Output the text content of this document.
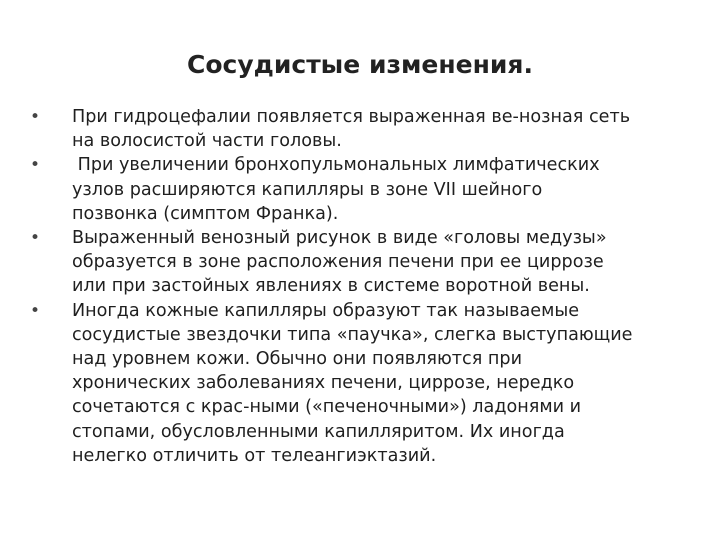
Сосудистые изменения.
• При гидроцефалии появляется выраженная ве-нозная сеть
на волосистой части головы.
• При увеличении бронхопульмональных лимфатических
узлов расширяются капилляры в зоне VII шейного
позвонка (симптом Франка).
• Выраженный венозный рисунок в виде «головы медузы»
образуется в зоне расположения печени при ее циррозе
или при застойных явлениях в системе воротной вены.
• Иногда кожные капилляры образуют так называемые
сосудистые звездочки типа «паучка», слегка выступающие
над уровнем кожи. Обычно они появляются при
хронических заболеваниях печени, циррозе, нередко
сочетаются с крас-ными («печеночными») ладонями и
стопами, обусловленными капилляритом. Их иногда
нелегко отличить от телеангиэктазий.
